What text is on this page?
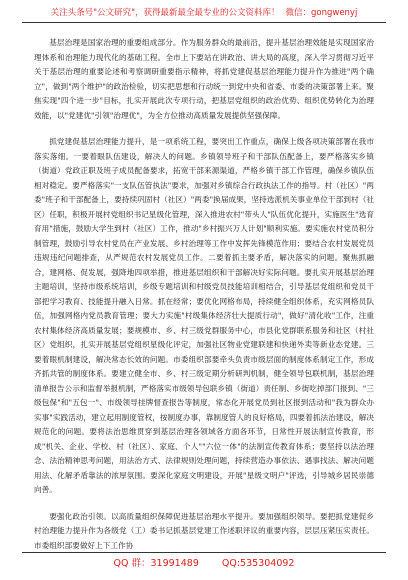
关注头条号"公文研究"，获得最新最全最专业的公文资料库！ 微信：gongwenyj

基层治理是国家治理的重要组成部分。作为服务群众的最前沿，提升基层治理效能是实现国家治理体系和治理能力现代化的基础工程。全市上下要站在讲政治、讲大局的高度，深入学习贯彻习近平关于基层治理的重要论述和考察调研重要指示精神，将抓党建促基层治理能力提升作为推进"两个确立"，做到"两个维护"的政治检验，切实把思想和行动统一到党中央和省委、市委的决策部署上来。聚焦实现"四个进一步"目标，扎实开展此次专项行动，把基层党组织的政治优势、组织优势转化为治理效能，以"党建优"引领"治理优"，为全方位推动高质量发展提供坚强保障。

抓党建促基层治理能力提升，是一项系统工程，要突出工作重点，确保上级各项决策部署在我市落实落细。一要着眼队伍建设，解决人的问题。乡镇领导班子和干部队伍配备上，要严格落实乡镇（街道）党政正职及班子成员配备要求，拓宽干部来源渠道，严格乡镇干部工作管理，确保乡镇队伍相对稳定。要严格落实"一支队伍管执法"要求，加强对乡镇综合行政执法工作的指导。村（社区）"两委"班子和干部配备上，要持续巩固村（社区）"两委"换届成果，坚持选派机关事业单位干部到村（社区）任职，积极开展村党组织书记星级化管理，深入推进农村"带头人"队伍优化提升，实施医生"选育育用"措施，鼓励大学生到村（社区）工作，推动"乡村振兴万人计划"顺利实施。要实施农村党员积分制管理，鼓励引导农村党员在产业发展、乡村治理等工作中发挥先锋模范作用；要结合农村发展党员违规违纪问题排查，从严规范农村发展党员工作。二要着抓主要矛盾，解决落实的问题。聚焦抓融合，建网格、促发展，强降地四项举措，推进基层组织和干部解决好实际问题。要扎实开展基层治理主题培训，坚持市级系统培训，乡级专题培训和村级党员技能培训相结合，引导基层党组织和党员干部把学习教育、技能提升融入日常。抓在经常；要优化网格布局，持续健全组织体系，充实网格员队伍，加强网格内党员教育管理；要大力实施"村级集体经济壮大提质行动"，做好"清化收"工作，注重农村集体经济高质量发展；要规模市、乡、村三级党群服务中心，市县化党群联系服务和社区（村社区）党组织，扎实开展基层党组织星级化评定，加强社区物业党建联建和快递外卖等新业态党建。三要着眼机制建设，解决常态长效的问题。市委组织部要牵头负责市级层面的制度体系制定工作，形成齐抓共管的制度体系。要建立健全市、乡、村三级定期分析研判机制，健全领导包联机制，基层治理清单报告公示和监督举报机制，严格落实市级领导包联乡镇（街道）责任制、乡街吃掉部门报到、"三级包保"和"五包一"、市级领导挂牌督查报告等制度，常态化开展党员到社区报到活动和"我为群众办实事"实践活动，建立起用制度管权，按制度办事，靠制度管人的良好格局，四要着抓法治建设，解决规范化的问题。要将法治思维贯穿到基层治理各领域各方面各环节，日常性开展法制宣传教育，形成"机关、企业、学校、村（社区）、家庭、个人""六位一体"的法制宣传教育体系；要坚持以法治理念、法治精神思考问题，用法治方式、法律规则处理问题，持续营造办事依法、遇事找法、解决问题用法、化解矛盾靠法的浓厚氛围。要深化家庭文明建设，开展"星级文明户"评选，引导城乡居民崇德向善。

要强化政治引领。以高质量组织保障促进基层治理水平提升。要加强组织领导。要把抓党建促乡村治理能力提升作为各级党（工）委书记抓基层党建工作述职评议的重要内容，层层压紧压实责任。市委组织部要做好上下工作协

QQ 群：31991489 QQ:535304092
